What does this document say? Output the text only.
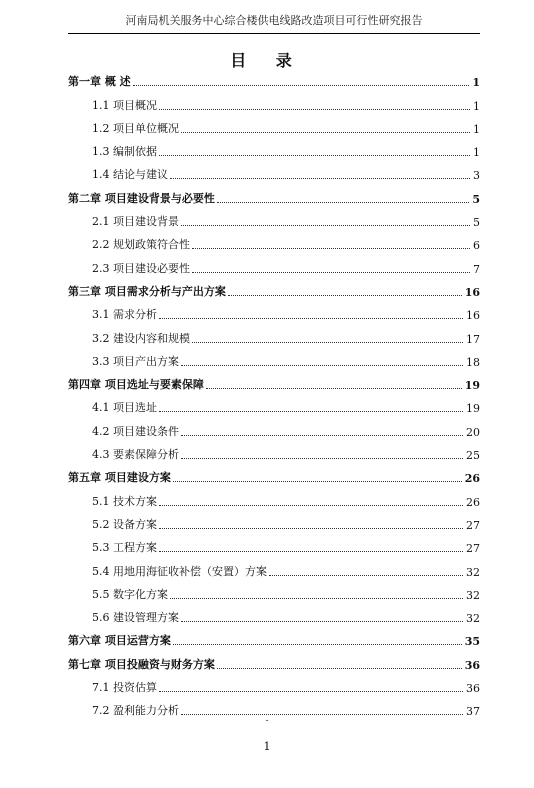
河南局机关服务中心综合楼供电线路改造项目可行性研究报告
目 录
第一章 概 述	1
1.1 项目概况	1
1.2 项目单位概况	1
1.3 编制依据	1
1.4 结论与建议	3
第二章 项目建设背景与必要性	5
2.1 项目建设背景	5
2.2 规划政策符合性	6
2.3 项目建设必要性	7
第三章 项目需求分析与产出方案	16
3.1 需求分析	16
3.2 建设内容和规模	17
3.3 项目产出方案	18
第四章 项目选址与要素保障	19
4.1 项目选址	19
4.2 项目建设条件	20
4.3 要素保障分析	25
第五章 项目建设方案	26
5.1 技术方案	26
5.2 设备方案	27
5.3 工程方案	27
5.4 用地用海征收补偿（安置）方案	32
5.5 数字化方案	32
5.6 建设管理方案	32
第六章 项目运营方案	35
第七章 项目投融资与财务方案	36
7.1 投资估算	36
7.2 盈利能力分析	37
-
1
